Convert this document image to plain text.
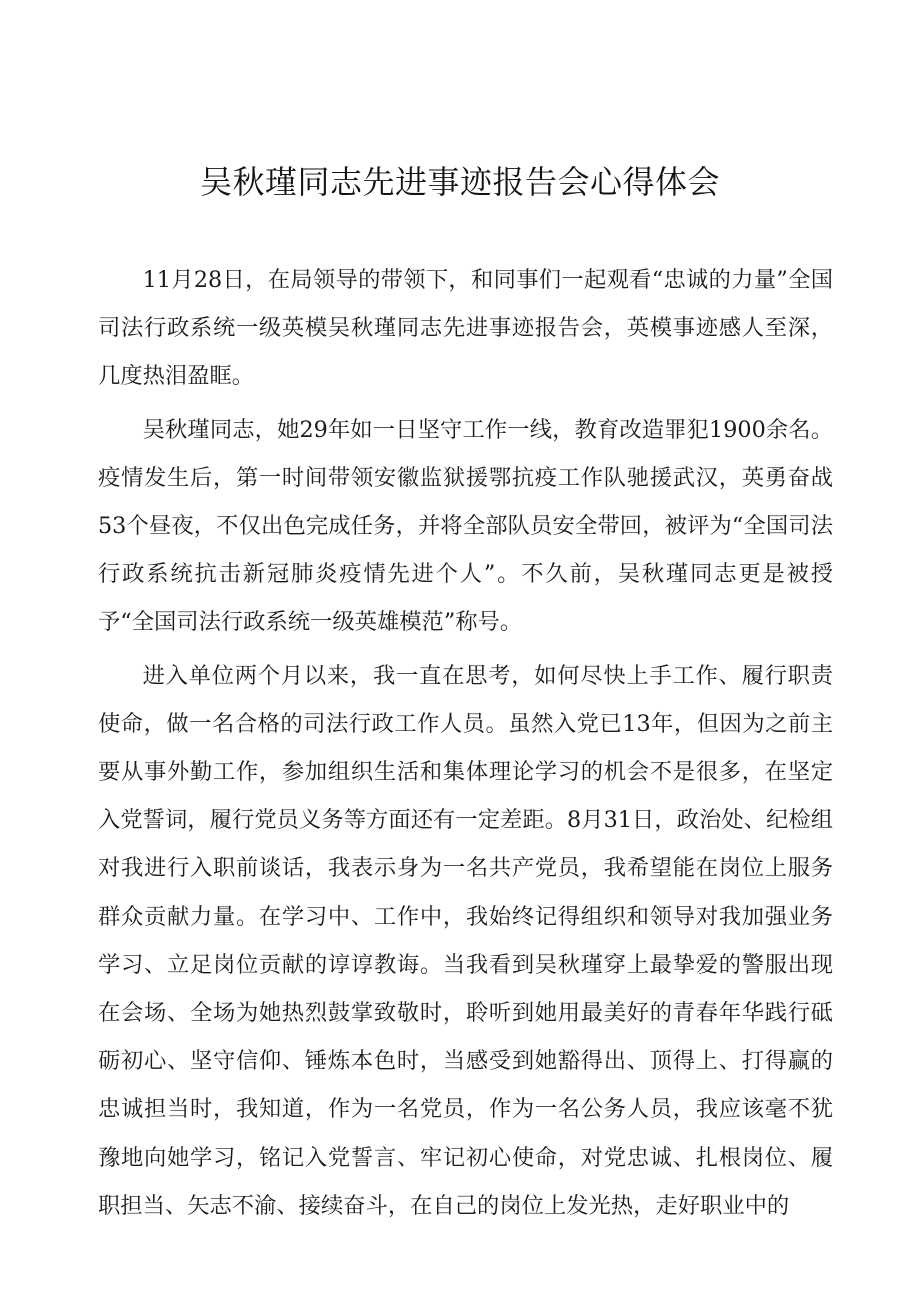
吴秋瑾同志先进事迹报告会心得体会

11月28日，在局领导的带领下，和同事们一起观看“忠诚的力量”全国司法行政系统一级英模吴秋瑾同志先进事迹报告会，英模事迹感人至深，几度热泪盈眶。

吴秋瑾同志，她29年如一日坚守工作一线，教育改造罪犯1900余名。疫情发生后，第一时间带领安徽监狱援鄂抗疫工作队驰援武汉，英勇奋战53个昼夜，不仅出色完成任务，并将全部队员安全带回，被评为“全国司法行政系统抗击新冠肺炎疫情先进个人”。不久前，吴秋瑾同志更是被授予“全国司法行政系统一级英雄模范”称号。

进入单位两个月以来，我一直在思考，如何尽快上手工作、履行职责使命，做一名合格的司法行政工作人员。虽然入党已13年，但因为之前主要从事外勤工作，参加组织生活和集体理论学习的机会不是很多，在坚定入党誓词，履行党员义务等方面还有一定差距。8月31日，政治处、纪检组对我进行入职前谈话，我表示身为一名共产党员，我希望能在岗位上服务群众贡献力量。在学习中、工作中，我始终记得组织和领导对我加强业务学习、立足岗位贡献的谆谆教诲。当我看到吴秋瑾穿上最挚爱的警服出现在会场、全场为她热烈鼓掌致敬时，聆听到她用最美好的青春年华践行砥砺初心、坚守信仰、锤炼本色时，当感受到她豁得出、顶得上、打得赢的忠诚担当时，我知道，作为一名党员，作为一名公务人员，我应该毫不犹豫地向她学习，铭记入党誓言、牢记初心使命，对党忠诚、扎根岗位、履职担当、矢志不渝、接续奋斗，在自己的岗位上发光热，走好职业中的
